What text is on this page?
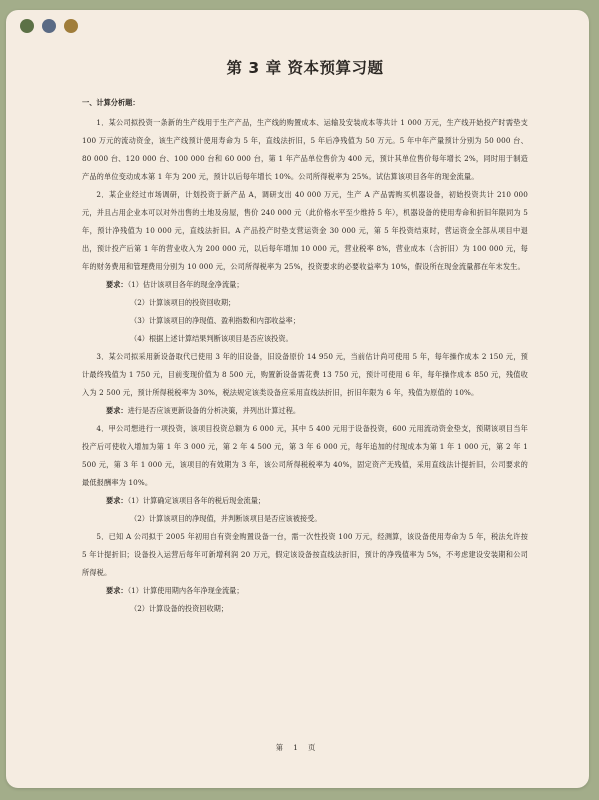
第 3 章 资本预算习题

一、计算分析题：

1．某公司拟投资一条新的生产线用于生产产品，生产线的购置成本、运输及安装成本等共计 1 000 万元，生产线开始投产时需垫支 100 万元的流动资金，该生产线预计使用寿命为 5 年，直线法折旧，5 年后净残值为 50 万元。5 年中年产量预计分别为 50 000 台、80 000 台、120 000 台、100 000 台和 60 000 台，第 1 年产品单位售价为 400 元，预计其单位售价每年增长 2%，同时用于制造产品的单位变动成本第 1 年为 200 元，预计以后每年增长 10%。公司所得税率为 25%。试估算该项目各年的现金流量。

2．某企业经过市场调研，计划投资于新产品 A，调研支出 40 000 万元，生产 A 产品需购买机器设备，初始投资共计 210 000 元，并且占用企业本可以对外出售的土地及房屋，售价 240 000 元（此价格水平至少维持 5 年），机器设备的使用寿命和折旧年限同为 5 年，预计净残值为 10 000 元，直线法折旧。A 产品投产时垫支营运资金 30 000 元，第 5 年投资结束时，营运资金全部从项目中退出，预计投产后第 1 年的营业收入为 200 000 元，以后每年增加 10 000 元，营业税率 8%，营业成本（含折旧）为 100 000 元，每年的财务费用和管理费用分别为 10 000 元，公司所得税率为 25%，投资要求的必要收益率为 10%，假设所在现金流量都在年末发生。

要求：（1）估计该项目各年的现金净流量；

（2）计算该项目的投资回收期；

（3）计算该项目的净现值、盈利指数和内部收益率；

（4）根据上述计算结果判断该项目是否应该投资。

3．某公司拟采用新设备取代已使用 3 年的旧设备，旧设备原价 14 950 元，当前估计尚可使用 5 年，每年操作成本 2 150 元，预计最终残值为 1 750 元，目前变现价值为 8 500 元，购置新设备需花费 13 750 元，预计可使用 6 年，每年操作成本 850 元，残值收入为 2 500 元，预计所得税税率为 30%，税法规定该类设备应采用直线法折旧，折旧年限为 6 年，残值为原值的 10%。

要求：进行是否应该更新设备的分析决策，并列出计算过程。

4．甲公司想进行一项投资，该项目投资总额为 6 000 元，其中 5 400 元用于设备投资，600 元用流动资金垫支，预期该项目当年投产后可使收入增加为第 1 年 3 000 元，第 2 年 4 500 元，第 3 年 6 000 元，每年追加的付现成本为第 1 年 1 000 元，第 2 年 1 500 元，第 3 年 1 000 元，该项目的有效期为 3 年，该公司所得税税率为 40%，固定资产无残值，采用直线法计提折旧，公司要求的最低报酬率为 10%。

要求：（1）计算确定该项目各年的税后现金流量；

（2）计算该项目的净现值，并判断该项目是否应该被接受。

5．已知 A 公司拟于 2005 年初用自有资金购置设备一台，需一次性投资 100 万元，经测算，该设备使用寿命为 5 年，税法允许按 5 年计提折旧；设备投入运营后每年可新增利润 20 万元，假定该设备按直线法折旧，预计的净残值率为 5%，不考虑建设安装期和公司所得税。

要求：（1）计算使用期内各年净现金流量；

（2）计算设备的投资回收期；

第 1 页
